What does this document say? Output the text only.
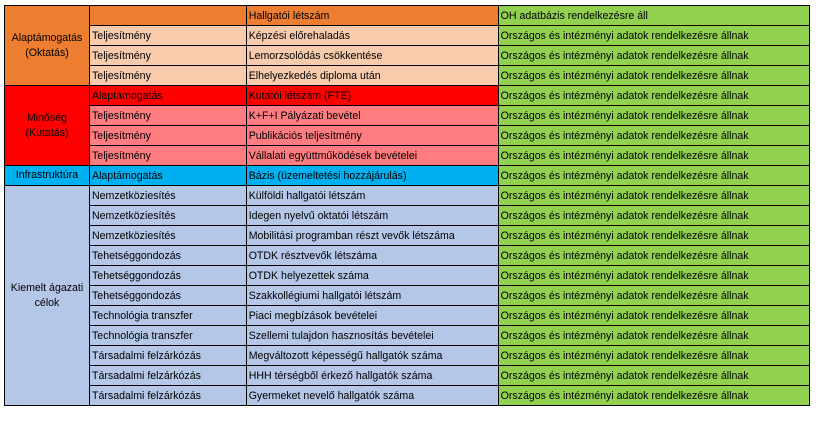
Alaptámogatás (Oktatás)		Hallgatói létszám	OH adatbázis rendelkezésre áll
	Teljesítmény	Képzési előrehaladás	Országos és intézményi adatok rendelkezésre állnak
	Teljesítmény	Lemorzsolódás csökkentése	Országos és intézményi adatok rendelkezésre állnak
	Teljesítmény	Elhelyezkedés diploma után	Országos és intézményi adatok rendelkezésre állnak
Minőség (Kutatás)	Alaptámogatás	Kutatói létszám (FTE)	Országos és intézményi adatok rendelkezésre állnak
	Teljesítmény	K+F+I Pályázati bevétel	Országos és intézményi adatok rendelkezésre állnak
	Teljesítmény	Publikációs teljesítmény	Országos és intézményi adatok rendelkezésre állnak
	Teljesítmény	Vállalati együttműködések bevételei	Országos és intézményi adatok rendelkezésre állnak
Infrastruktúra	Alaptámogatás	Bázis (üzemeltetési hozzájárulás)	Országos és intézményi adatok rendelkezésre állnak
Kiemelt ágazati célok	Nemzetköziesítés	Külföldi hallgatói létszám	Országos és intézményi adatok rendelkezésre állnak
	Nemzetköziesítés	Idegen nyelvű oktatói létszám	Országos és intézményi adatok rendelkezésre állnak
	Nemzetköziesítés	Mobilitási programban részt vevők létszáma	Országos és intézményi adatok rendelkezésre állnak
	Tehetséggondozás	OTDK résztvevők létszáma	Országos és intézményi adatok rendelkezésre állnak
	Tehetséggondozás	OTDK helyezettek száma	Országos és intézményi adatok rendelkezésre állnak
	Tehetséggondozás	Szakkollégiumi hallgatói létszám	Országos és intézményi adatok rendelkezésre állnak
	Technológia transzfer	Piaci megbízások bevételei	Országos és intézményi adatok rendelkezésre állnak
	Technológia transzfer	Szellemi tulajdon hasznosítás bevételei	Országos és intézményi adatok rendelkezésre állnak
	Társadalmi felzárkózás	Megváltozott képességű hallgatók száma	Országos és intézményi adatok rendelkezésre állnak
	Társadalmi felzárkózás	HHH térségből érkező hallgatók száma	Országos és intézményi adatok rendelkezésre állnak
	Társadalmi felzárkózás	Gyermeket nevelő hallgatók száma	Országos és intézményi adatok rendelkezésre állnak
